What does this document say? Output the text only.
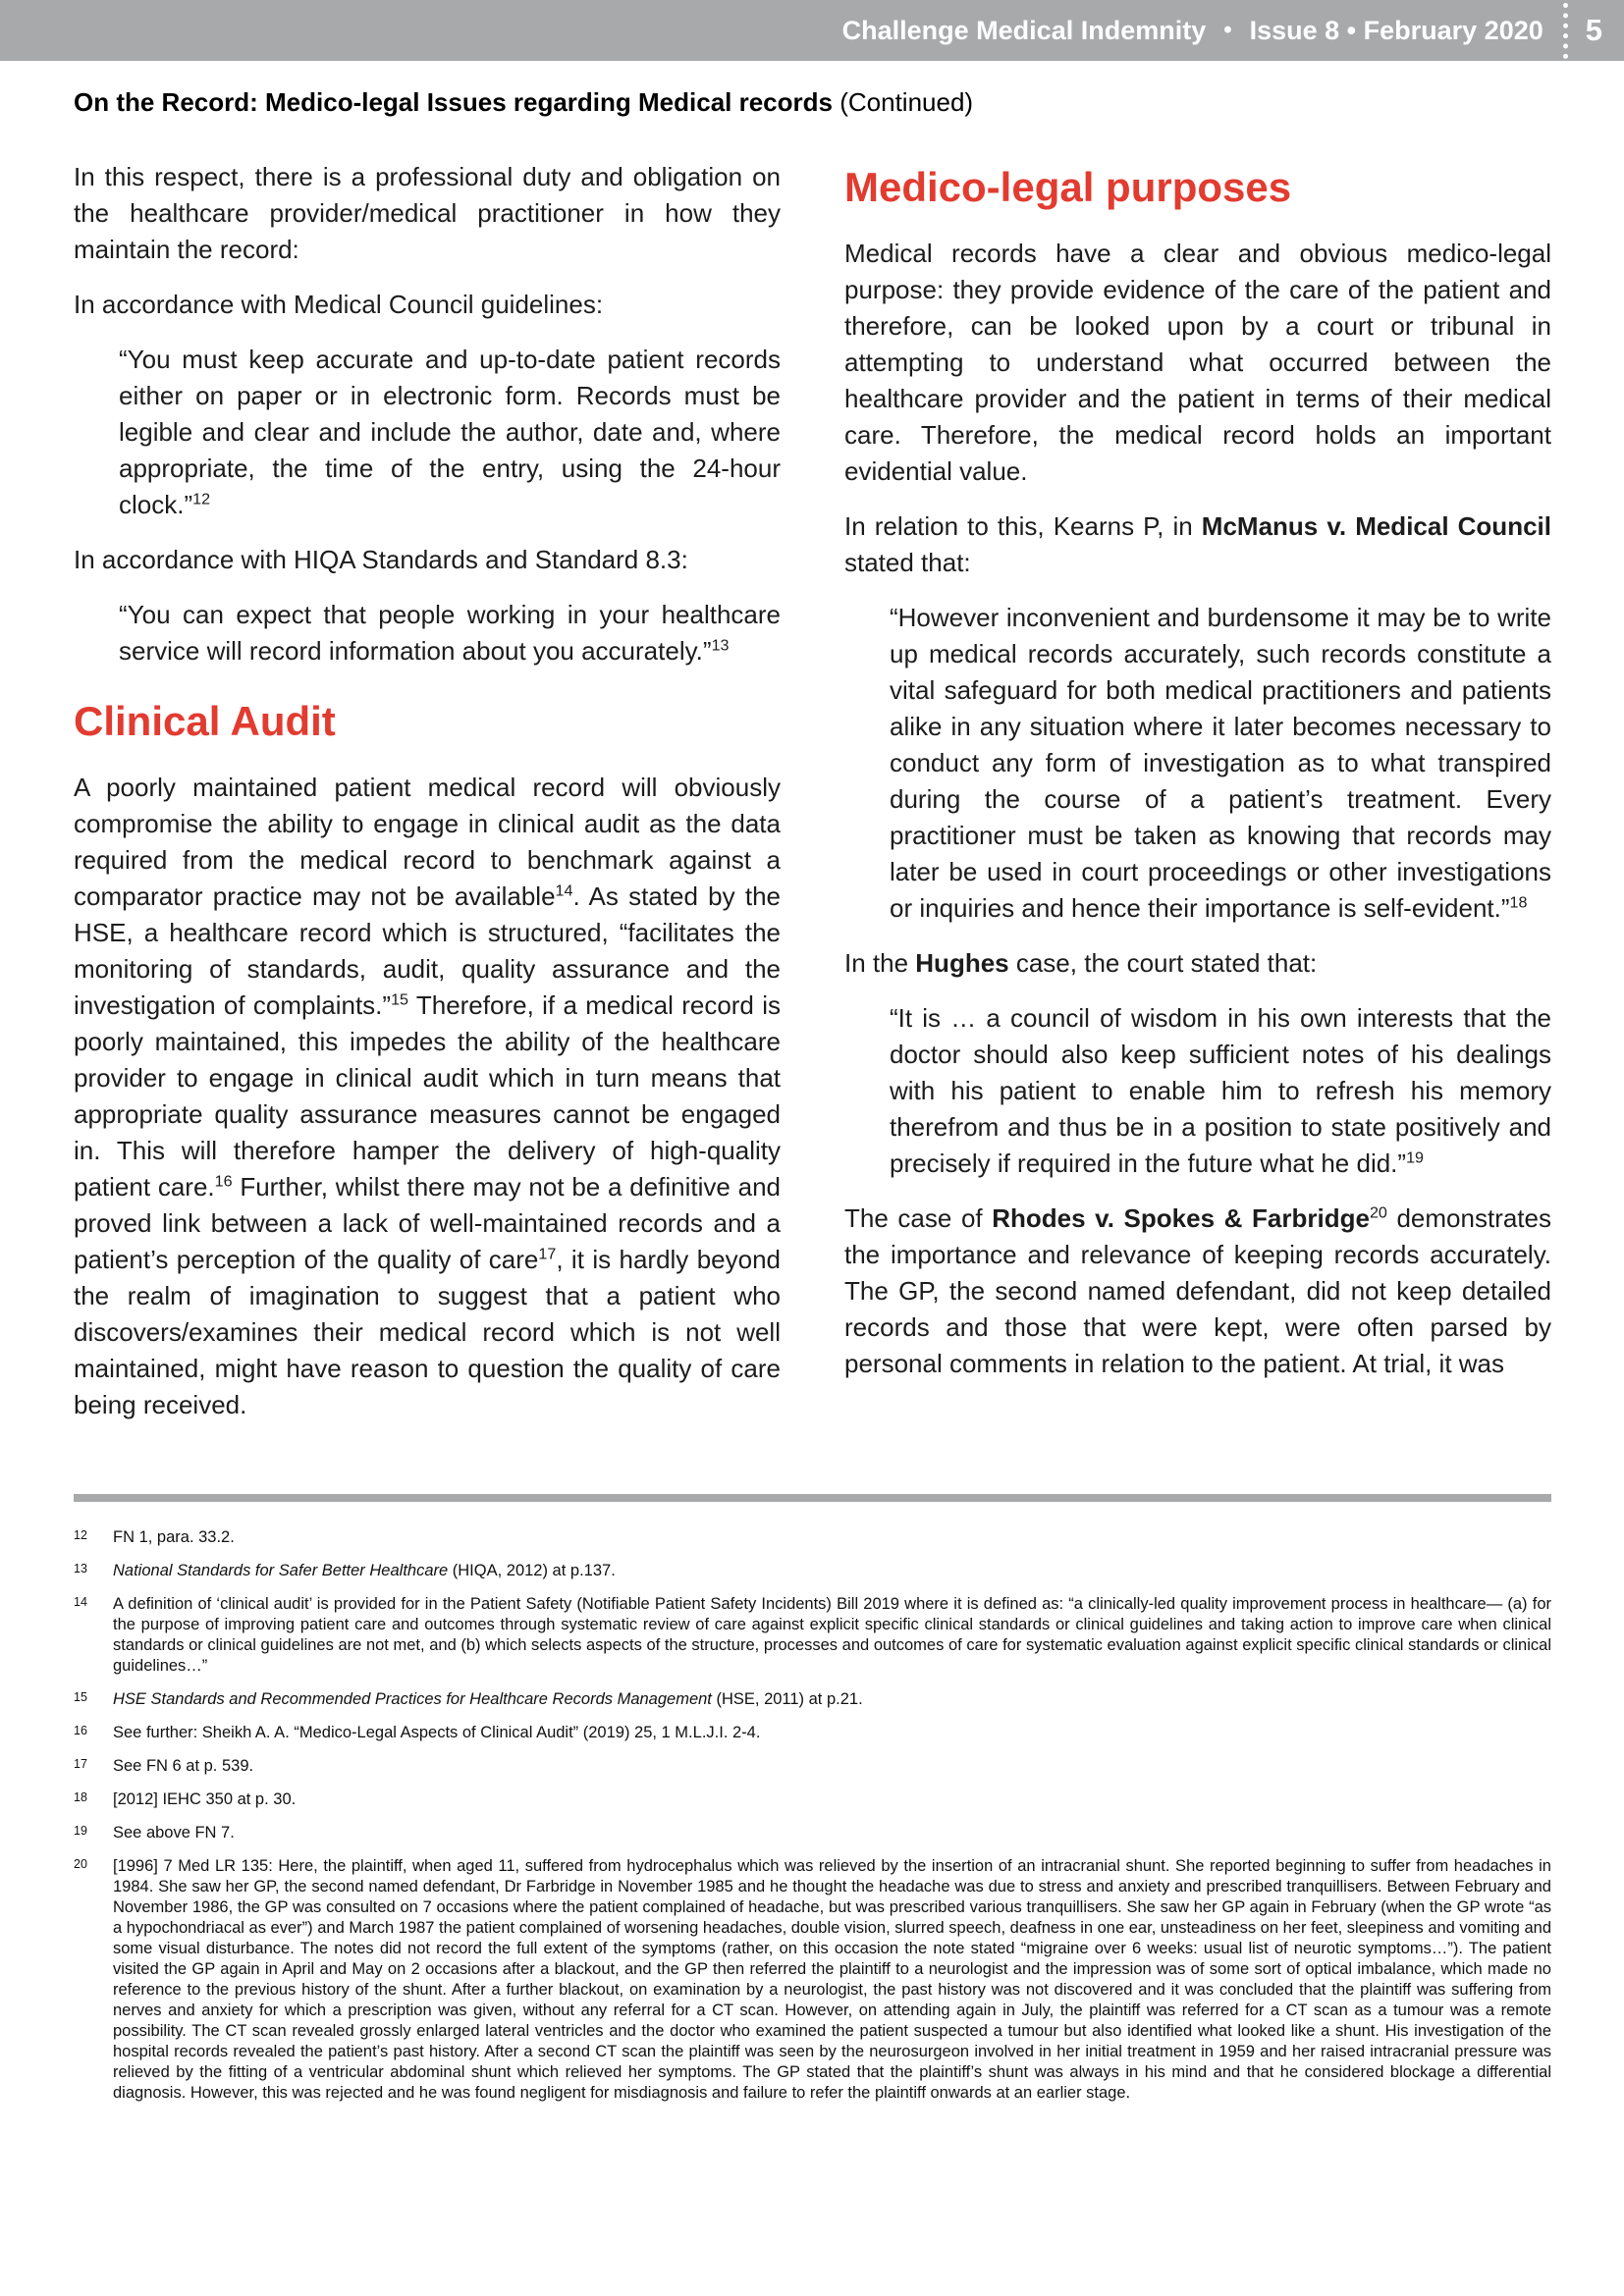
Challenge Medical Indemnity • Issue 8 • February 2020 5
On the Record: Medico-legal Issues regarding Medical records (Continued)

In this respect, there is a professional duty and obligation on the healthcare provider/medical practitioner in how they maintain the record:

In accordance with Medical Council guidelines:

“You must keep accurate and up-to-date patient records either on paper or in electronic form. Records must be legible and clear and include the author, date and, where appropriate, the time of the entry, using the 24-hour clock.”$^{12}$

In accordance with HIQA Standards and Standard 8.3:

“You can expect that people working in your healthcare service will record information about you accurately.”$^{13}$

Clinical Audit

A poorly maintained patient medical record will obviously compromise the ability to engage in clinical audit as the data required from the medical record to benchmark against a comparator practice may not be available$^{14}$. As stated by the HSE, a healthcare record which is structured, “facilitates the monitoring of standards, audit, quality assurance and the investigation of complaints.”$^{15}$ Therefore, if a medical record is poorly maintained, this impedes the ability of the healthcare provider to engage in clinical audit which in turn means that appropriate quality assurance measures cannot be engaged in. This will therefore hamper the delivery of high-quality patient care.$^{16}$ Further, whilst there may not be a definitive and proved link between a lack of well-maintained records and a patient’s perception of the quality of care$^{17}$, it is hardly beyond the realm of imagination to suggest that a patient who discovers/examines their medical record which is not well maintained, might have reason to question the quality of care being received.

Medico-legal purposes

Medical records have a clear and obvious medico-legal purpose: they provide evidence of the care of the patient and therefore, can be looked upon by a court or tribunal in attempting to understand what occurred between the healthcare provider and the patient in terms of their medical care. Therefore, the medical record holds an important evidential value.

In relation to this, Kearns P, in McManus v. Medical Council stated that:

“However inconvenient and burdensome it may be to write up medical records accurately, such records constitute a vital safeguard for both medical practitioners and patients alike in any situation where it later becomes necessary to conduct any form of investigation as to what transpired during the course of a patient’s treatment. Every practitioner must be taken as knowing that records may later be used in court proceedings or other investigations or inquiries and hence their importance is self-evident.”$^{18}$

In the Hughes case, the court stated that:

“It is … a council of wisdom in his own interests that the doctor should also keep sufficient notes of his dealings with his patient to enable him to refresh his memory therefrom and thus be in a position to state positively and precisely if required in the future what he did.”$^{19}$

The case of Rhodes v. Spokes & Farbridge$^{20}$ demonstrates the importance and relevance of keeping records accurately. The GP, the second named defendant, did not keep detailed records and those that were kept, were often parsed by personal comments in relation to the patient. At trial, it was

12 FN 1, para. 33.2.
13 National Standards for Safer Better Healthcare (HIQA, 2012) at p.137.
14 A definition of ‘clinical audit’ is provided for in the Patient Safety (Notifiable Patient Safety Incidents) Bill 2019 where it is defined as: “a clinically-led quality improvement process in healthcare— (a) for the purpose of improving patient care and outcomes through systematic review of care against explicit specific clinical standards or clinical guidelines and taking action to improve care when clinical standards or clinical guidelines are not met, and (b) which selects aspects of the structure, processes and outcomes of care for systematic evaluation against explicit specific clinical standards or clinical guidelines…”
15 HSE Standards and Recommended Practices for Healthcare Records Management (HSE, 2011) at p.21.
16 See further: Sheikh A. A. “Medico-Legal Aspects of Clinical Audit” (2019) 25, 1 M.L.J.I. 2-4.
17 See FN 6 at p. 539.
18 [2012] IEHC 350 at p. 30.
19 See above FN 7.
20 [1996] 7 Med LR 135: Here, the plaintiff, when aged 11, suffered from hydrocephalus which was relieved by the insertion of an intracranial shunt. She reported beginning to suffer from headaches in 1984. She saw her GP, the second named defendant, Dr Farbridge in November 1985 and he thought the headache was due to stress and anxiety and prescribed tranquillisers. Between February and November 1986, the GP was consulted on 7 occasions where the patient complained of headache, but was prescribed various tranquillisers. She saw her GP again in February (when the GP wrote “as a hypochondriacal as ever”) and March 1987 the patient complained of worsening headaches, double vision, slurred speech, deafness in one ear, unsteadiness on her feet, sleepiness and vomiting and some visual disturbance. The notes did not record the full extent of the symptoms (rather, on this occasion the note stated “migraine over 6 weeks: usual list of neurotic symptoms…”). The patient visited the GP again in April and May on 2 occasions after a blackout, and the GP then referred the plaintiff to a neurologist and the impression was of some sort of optical imbalance, which made no reference to the previous history of the shunt. After a further blackout, on examination by a neurologist, the past history was not discovered and it was concluded that the plaintiff was suffering from nerves and anxiety for which a prescription was given, without any referral for a CT scan. However, on attending again in July, the plaintiff was referred for a CT scan as a tumour was a remote possibility. The CT scan revealed grossly enlarged lateral ventricles and the doctor who examined the patient suspected a tumour but also identified what looked like a shunt. His investigation of the hospital records revealed the patient’s past history. After a second CT scan the plaintiff was seen by the neurosurgeon involved in her initial treatment in 1959 and her raised intracranial pressure was relieved by the fitting of a ventricular abdominal shunt which relieved her symptoms. The GP stated that the plaintiff’s shunt was always in his mind and that he considered blockage a differential diagnosis. However, this was rejected and he was found negligent for misdiagnosis and failure to refer the plaintiff onwards at an earlier stage.
